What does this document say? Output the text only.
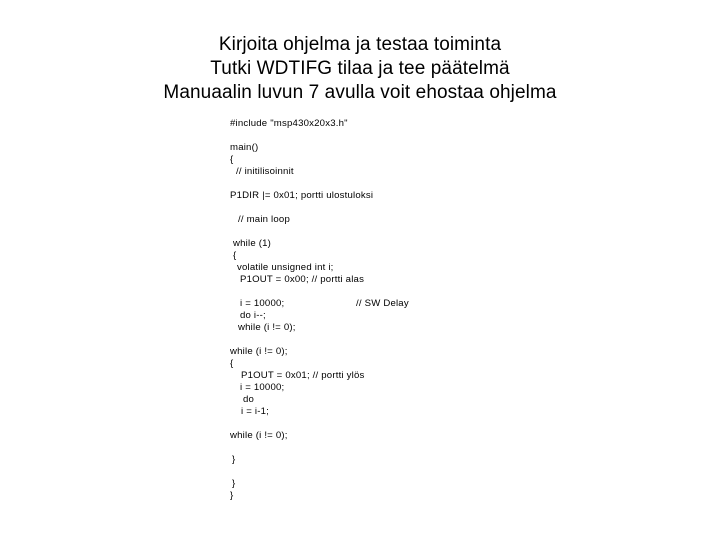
Kirjoita ohjelma ja testaa toiminta
Tutki WDTIFG tilaa ja tee päätelmä
Manuaalin luvun 7 avulla voit ehostaa ohjelma
#include "msp430x20x3.h"
main()
{
// initilisoinnit
P1DIR |= 0x01; portti ulostuloksi
// main loop
while (1)
{
volatile unsigned int i;
P1OUT = 0x00; // portti alas
i = 10000;	// SW Delay
do i--;
while (i != 0);
while (i != 0);
{
P1OUT = 0x01; // portti ylös
i = 10000;
do
i = i-1;
while (i != 0);
}
}
}
